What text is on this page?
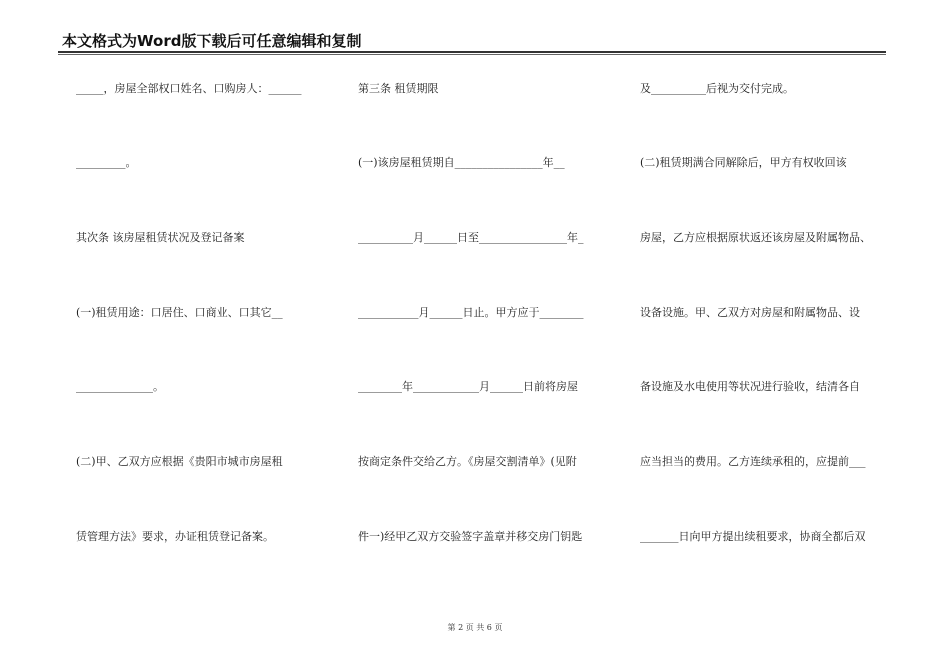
本文格式为Word版下载后可任意编辑和复制
_____，房屋全部权口姓名、口购房人：______
_________。
其次条 该房屋租赁状况及登记备案
(一)租赁用途：口居住、口商业、口其它__
______________。
(二)甲、乙双方应根据《贵阳市城市房屋租
赁管理方法》要求，办证租赁登记备案。
第三条 租赁期限
(一)该房屋租赁期自________________年__
__________月______日至________________年_
___________月______日止。甲方应于________
________年____________月______日前将房屋
按商定条件交给乙方。《房屋交割清单》(见附
件一)经甲乙双方交验签字盖章并移交房门钥匙
及__________后视为交付完成。
(二)租赁期满合同解除后，甲方有权收回该
房屋，乙方应根据原状返还该房屋及附属物品、
设备设施。甲、乙双方对房屋和附属物品、设
备设施及水电使用等状况进行验收，结清各自
应当担当的费用。乙方连续承租的，应提前___
_______日向甲方提出续租要求，协商全都后双
第 2 页 共 6 页
